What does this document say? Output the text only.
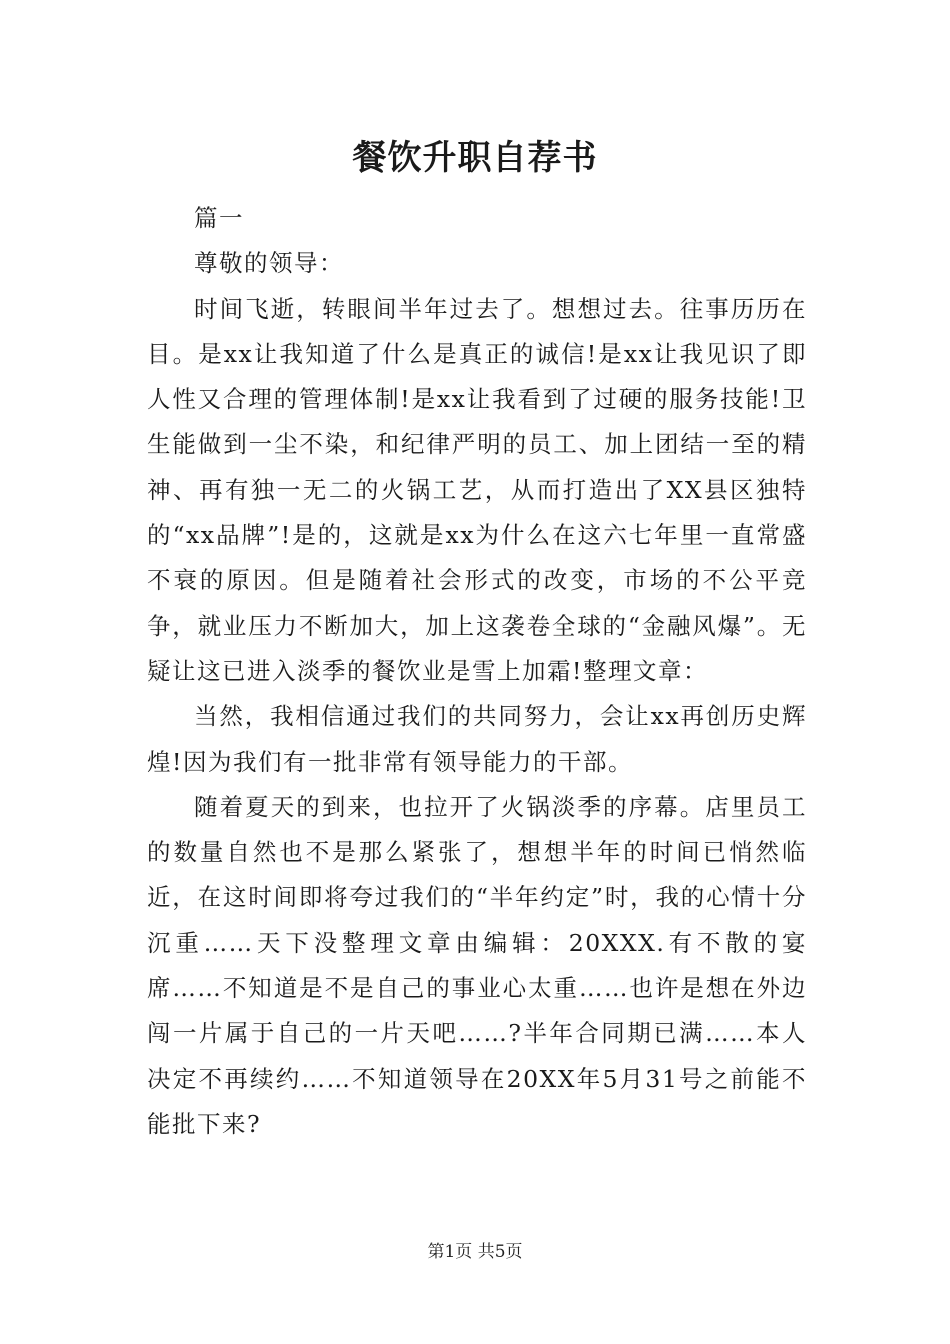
餐饮升职自荐书

篇一

尊敬的领导：

时间飞逝，转眼间半年过去了。想想过去。往事历历在目。是xx让我知道了什么是真正的诚信!是xx让我见识了即人性又合理的管理体制!是xx让我看到了过硬的服务技能!卫生能做到一尘不染，和纪律严明的员工、加上团结一至的精神、再有独一无二的火锅工艺，从而打造出了XX县区独特的“xx品牌”!是的，这就是xx为什么在这六七年里一直常盛不衰的原因。但是随着社会形式的改变，市场的不公平竞争，就业压力不断加大，加上这袭卷全球的“金融风爆”。无疑让这已进入淡季的餐饮业是雪上加霜!整理文章：

当然，我相信通过我们的共同努力，会让xx再创历史辉煌!因为我们有一批非常有领导能力的干部。

随着夏天的到来，也拉开了火锅淡季的序幕。店里员工的数量自然也不是那么紧张了，想想半年的时间已悄然临近，在这时间即将夸过我们的“半年约定”时，我的心情十分沉重……天下没整理文章由编辑：20XXX.有不散的宴席……不知道是不是自己的事业心太重……也许是想在外边闯一片属于自己的一片天吧……?半年合同期已满……本人决定不再续约……不知道领导在20XX年5月31号之前能不能批下来?

第1页 共5页
